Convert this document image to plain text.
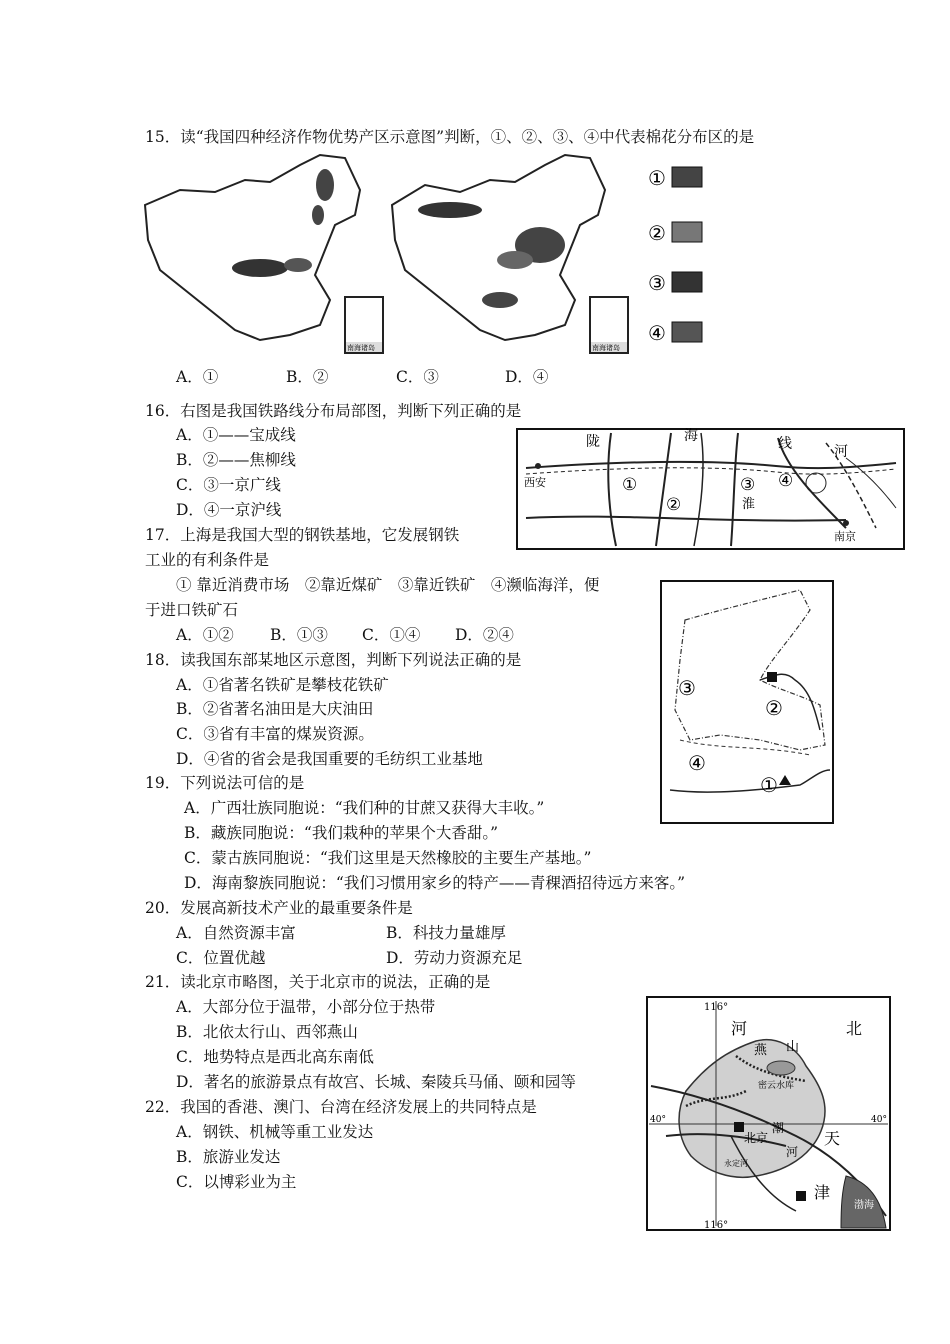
15．读“我国四种经济作物优势产区示意图”判断，①、②、③、④中代表棉花分布区的是
南海诸岛	南海诸岛
①
②
③
④
A．①	B．②	C．③	D．④
16．右图是我国铁路线分布局部图，判断下列正确的是
A．①——宝成线
B．②——焦柳线
C．③一京广线
D．④一京沪线
陇	海	线	河
西安	①
②
③
淮
④
南京
17．上海是我国大型的钢铁基地，它发展钢铁
工业的有利条件是
① 靠近消费市场　②靠近煤矿　③靠近铁矿　④濒临海洋，便
于进口铁矿石
A．①② B．①③ C．①④ D．②④
③
②
④
①
18．读我国东部某地区示意图，判断下列说法正确的是
A．①省著名铁矿是攀枝花铁矿
B．②省著名油田是大庆油田
C．③省有丰富的煤炭资源。
D．④省的省会是我国重要的毛纺织工业基地
19．下列说法可信的是
A．广西壮族同胞说：“我们种的甘蔗又获得大丰收。”
B．藏族同胞说：“我们栽种的苹果个大香甜。”
C．蒙古族同胞说：“我们这里是天然橡胶的主要生产基地。”
D．海南黎族同胞说：“我们习惯用家乡的特产——青稞酒招待远方来客。”
20．发展高新技术产业的最重要条件是
A．自然资源丰富	B．科技力量雄厚
C．位置优越	D．劳动力资源充足
21．读北京市略图，关于北京市的说法，正确的是
A．大部分位于温带，小部分位于热带
B．北依太行山、西邻燕山
C．地势特点是西北高东南低
D．著名的旅游景点有故宫、长城、秦陵兵马俑、颐和园等
116°
河	北
燕 山
密云水库
40°	40°
北京
潮
河
天
津
渤海
116°
永定河
22．我国的香港、澳门、台湾在经济发展上的共同特点是
A．钢铁、机械等重工业发达
B．旅游业发达
C．以博彩业为主
